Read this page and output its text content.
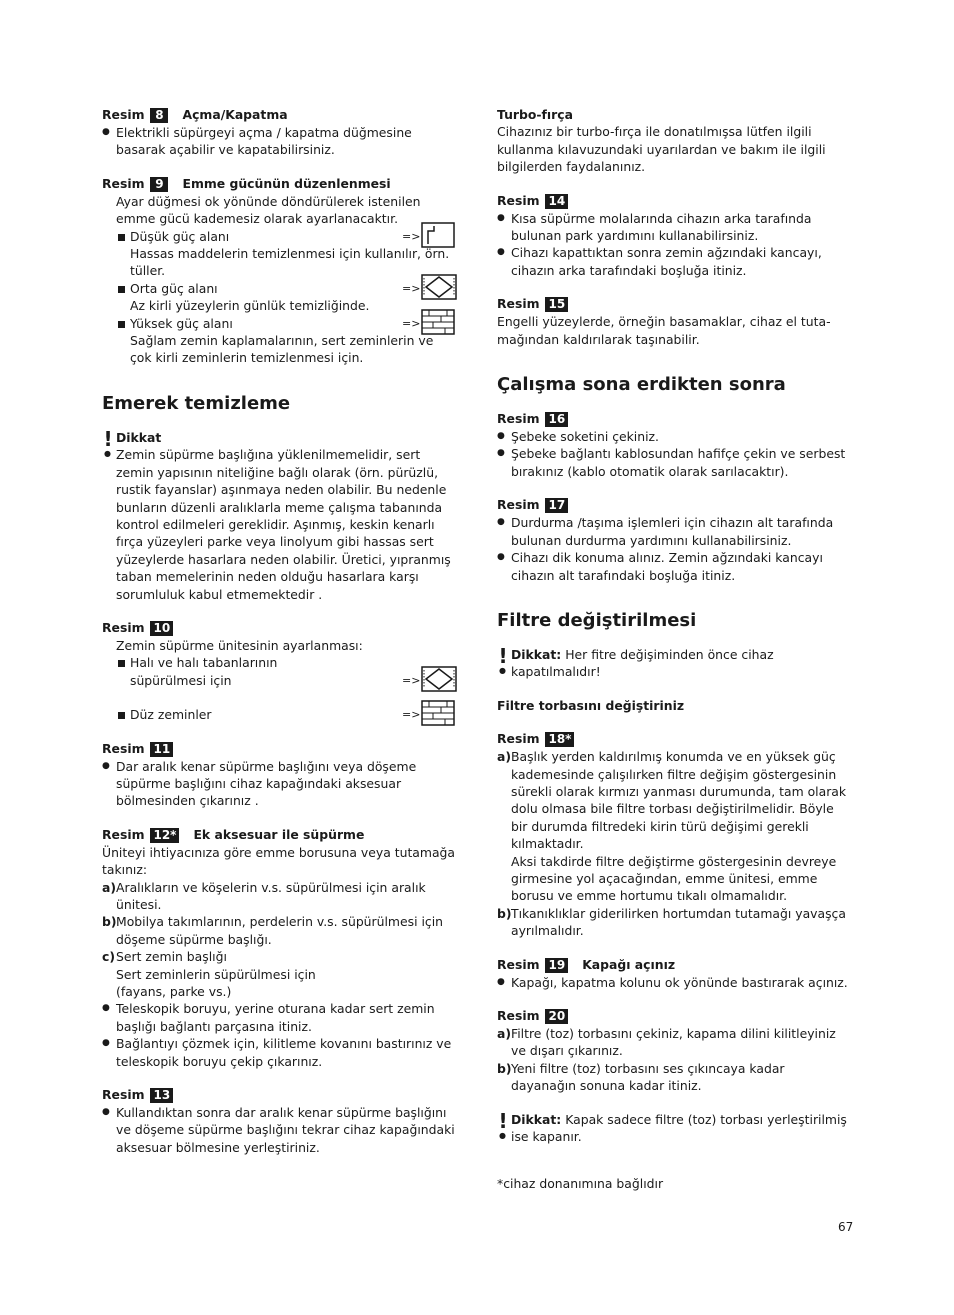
Resim 8	Açma/Kapatma
● Elektrikli süpürgeyi açma / kapatma düğmesine basarak açabilir ve kapatabilirsiniz.
Resim 9	Emme gücünün düzenlenmesi
Ayar düğmesi ok yönünde döndürülerek istenilen emme gücü kademesiz olarak ayarlanacaktır.
Düşük güç alanı	=>
Hassas maddelerin temizlenmesi için kullanılır, örn. tüller.
Orta güç alanı	=>
Az kirli yüzeylerin günlük temizliğinde.
Yüksek güç alanı	=>
Sağlam zemin kaplamalarının, sert zeminlerin ve çok kirli zeminlerin temizlenmesi için.
Emerek temizleme
!
●
Dikkat
Zemin süpürme başlığına yüklenilmemelidir, sert zemin yapısının niteliğine bağlı olarak (örn. pürüzlü, rustik fayanslar) aşınmaya neden olabilir. Bu nedenle bunların düzenli aralıklarla meme çalışma tabanında kontrol edilmeleri gereklidir. Aşınmış, keskin kenarlı fırça yüzeyleri parke veya linolyum gibi hassas sert yüzeylerde hasarlara neden olabilir. Üretici, yıpranmış taban memelerinin neden olduğu hasarlara karşı sorumluluk kabul etmemektedir .
Resim 10
Zemin süpürme ünitesinin ayarlanması:
Halı ve halı tabanlarının
süpürülmesi için	=>
Düz zeminler	=>
Resim 11
● Dar aralık kenar süpürme başlığını veya döşeme süpürme başlığını cihaz kapağındaki aksesuar bölmesinden çıkarınız .
Resim 12* Ek aksesuar ile süpürme
Üniteyi ihtiyacınıza göre emme borusuna veya tutamağa takınız:
a) Aralıkların ve köşelerin v.s. süpürülmesi için aralık ünitesi.
b) Mobilya takımlarının, perdelerin v.s. süpürülmesi için döşeme süpürme başlığı.
c) Sert zemin başlığı
Sert zeminlerin süpürülmesi için
(fayans, parke vs.)
● Teleskopik boruyu, yerine oturana kadar sert zemin başlığı bağlantı parçasına itiniz.
● Bağlantıyı çözmek için, kilitleme kovanını bastırınız ve teleskopik boruyu çekip çıkarınız.
Resim 13
● Kullandıktan sonra dar aralık kenar süpürme başlığını ve döşeme süpürme başlığını tekrar cihaz kapağındaki aksesuar bölmesine yerleştiriniz.
Turbo-fırça
Cihazınız bir turbo-fırça ile donatılmışsa lütfen ilgili kullanma kılavuzundaki uyarılardan ve bakım ile ilgili bilgilerden faydalanınız.
Resim 14
● Kısa süpürme molalarında cihazın arka tarafında bulunan park yardımını kullanabilirsiniz.
● Cihazı kapattıktan sonra zemin ağzındaki kancayı, cihazın arka tarafındaki boşluğa itiniz.
Resim 15
Engelli yüzeylerde, örneğin basamaklar, cihaz el tuta-mağından kaldırılarak taşınabilir.
Çalışma sona erdikten sonra
Resim 16
● Şebeke soketini çekiniz.
● Şebeke bağlantı kablosundan hafifçe çekin ve serbest bırakınız (kablo otomatik olarak sarılacaktır).
Resim 17
● Durdurma /taşıma işlemleri için cihazın alt tarafında bulunan durdurma yardımını kullanabilirsiniz.
● Cihazı dik konuma alınız. Zemin ağzındaki kancayı cihazın alt tarafındaki boşluğa itiniz.
Filtre değiştirilmesi
!
●
Dikkat: Her fitre değişiminden önce cihaz kapatılmalıdır!
Filtre torbasını değiştiriniz
Resim 18*
a) Başlık yerden kaldırılmış konumda ve en yüksek güç kademesinde çalışılırken filtre değişim göstergesinin sürekli olarak kırmızı yanması durumunda, tam olarak dolu olmasa bile filtre torbası değiştirilmelidir. Böyle bir durumda filtredeki kirin türü değişimi gerekli kılmaktadır.
Aksi takdirde filtre değiştirme göstergesinin devreye girmesine yol açacağından, emme ünitesi, emme borusu ve emme hortumu tıkalı olmamalıdır.
b) Tıkanıklıklar giderilirken hortumdan tutamağı yavaşça ayrılmalıdır.
Resim 19 Kapağı açınız
● Kapağı, kapatma kolunu ok yönünde bastırarak açınız.
Resim 20
a) Filtre (toz) torbasını çekiniz, kapama dilini kilitleyiniz ve dışarı çıkarınız.
b) Yeni filtre (toz) torbasını ses çıkıncaya kadar dayanağın sonuna kadar itiniz.
!
●
Dikkat: Kapak sadece filtre (toz) torbası yerleştirilmiş ise kapanır.
*cihaz donanımına bağlıdır
67
